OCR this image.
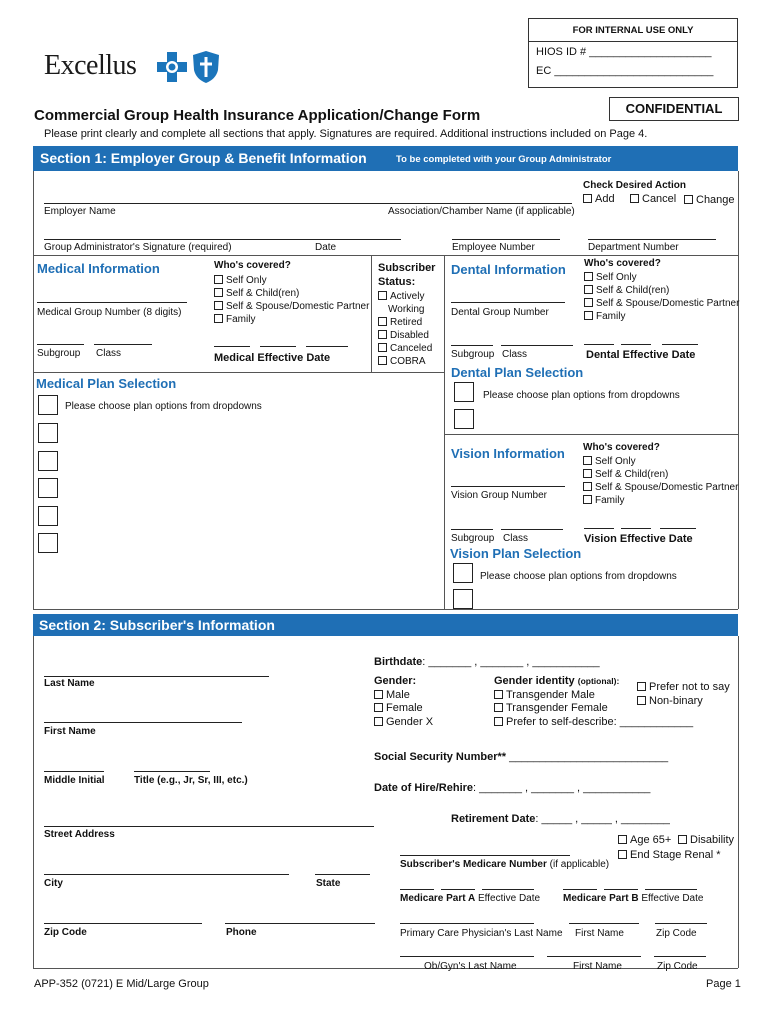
FOR INTERNAL USE ONLY
HIOS ID # ____________________
EC __________________________
Excellus
CONFIDENTIAL
Commercial Group Health Insurance Application/Change Form
Please print clearly and complete all sections that apply. Signatures are required. Additional instructions included on Page 4.
Section 1: Employer Group & Benefit Information	To be completed with your Group Administrator
Employer Name	Association/Chamber Name (if applicable)
Check Desired Action
Add	Cancel	Change
Group Administrator's Signature (required)	Date	Employee Number	Department Number
Medical Information
Medical Group Number (8 digits)
Subgroup Class
Who's covered?
Self Only
Self & Child(ren)
Self & Spouse/Domestic Partner
Family
Medical Effective Date
Subscriber
Status:
Actively
Working
Retired
Disabled
Canceled
COBRA
Medical Plan Selection
Please choose plan options from dropdowns
Dental Information
Dental Group Number
Subgroup Class
Who's covered?
Self Only
Self & Child(ren)
Self & Spouse/Domestic Partner
Family
Dental Effective Date
Dental Plan Selection
Please choose plan options from dropdowns
Vision Information
Vision Group Number
Subgroup Class
Who's covered?
Self Only
Self & Child(ren)
Self & Spouse/Domestic Partner
Family
Vision Effective Date
Vision Plan Selection
Please choose plan options from dropdowns
Section 2: Subscriber's Information
Last Name
First Name
Middle Initial	Title (e.g., Jr, Sr, III, etc.)
Street Address
City	State
Zip Code	Phone
Birthdate: _______ , _______ , ___________
Gender:
Male
Female
Gender X
Gender identity (optional):
Transgender Male
Transgender Female
Prefer to self-describe: ____________
Prefer not to say
Non-binary
Social Security Number** __________________________
Date of Hire/Rehire: _______ , _______ , ___________
Retirement Date: _____ , _____ , ________
Age 65+	Disability
End Stage Renal *
Subscriber's Medicare Number (if applicable)
Medicare Part A Effective Date Medicare Part B Effective Date
Primary Care Physician's Last Name First Name	Zip Code
Ob/Gyn's Last Name	First Name	Zip Code
APP-352 (0721) E Mid/Large Group	Page 1
